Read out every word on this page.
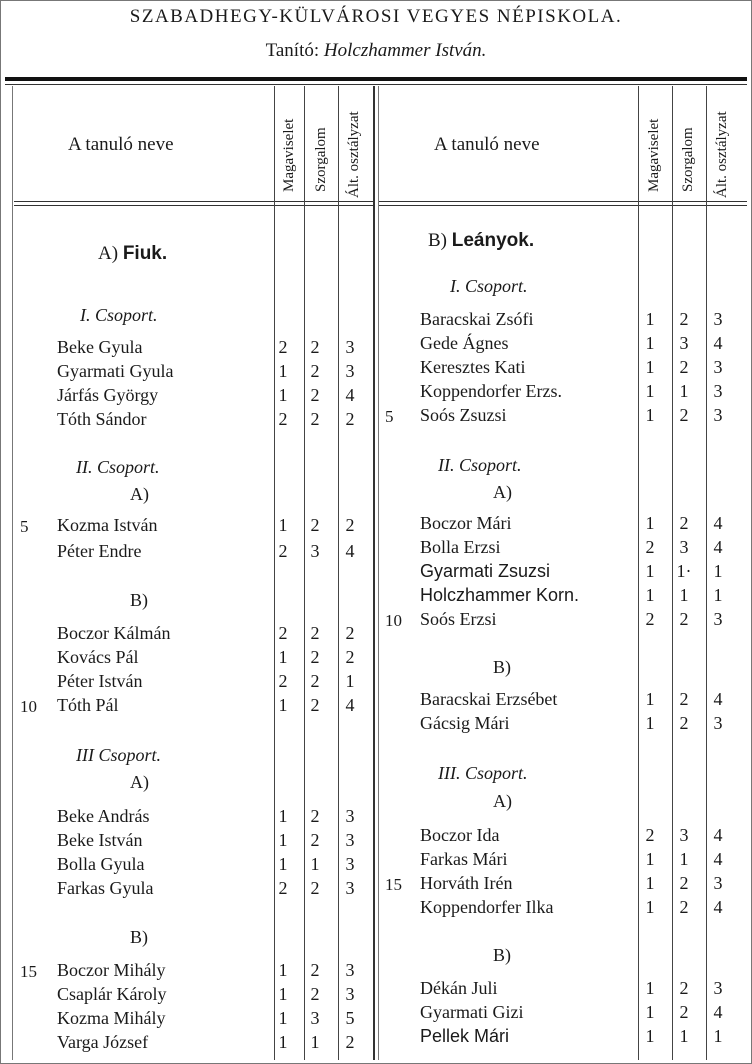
SZABADHEGY-KÜLVÁROSI VEGYES NÉPISKOLA.
Tanító: Holczhammer István.
A tanuló neve	Magaviselet Szorgalom Ált. osztályzat	A tanuló neve	Magaviselet Szorgalom Ált. osztályzat
A) Fiuk.
B) Leányok.
I. Csoport.
II. Csoport.
A)
B)
III Csoport.
A)
B)
I. Csoport.
II. Csoport.
A)
B)
III. Csoport.
A)
B)
Beke Gyula	2	2	3
Gyarmati Gyula	1	2	3
Járfás György	1	2	4
Tóth Sándor	2	2	2
5 Kozma István	1	2	2
Péter Endre	2	3	4
Boczor Kálmán	2	2	2
Kovács Pál	1	2	2
Péter István	2	2	1
10 Tóth Pál	1	2	4
Beke András	1	2	3
Beke István	1	2	3
Bolla Gyula	1	1	3
Farkas Gyula	2	2	3
15 Boczor Mihály	1	2	3
Csaplár Károly	1	2	3
Kozma Mihály	1	3	5
Varga József	1	1	2
Baracskai Zsófi	1	2	3
Gede Ágnes	1	3	4
Keresztes Kati	1	2	3
Koppendorfer Erzs.	1	1	3
5 Soós Zsuzsi	1	2	3
Boczor Mári	1	2	4
Bolla Erzsi	2	3	4
Gyarmati Zsuzsi	1	1·	1
Holczhammer Korn.	1	1	1
10 Soós Erzsi	2	2	3
Baracskai Erzsébet	1	2	4
Gácsig Mári	1	2	3
Boczor Ida	2	3	4
Farkas Mári	1	1	4
15 Horváth Irén	1	2	3
Koppendorfer Ilka	1	2	4
Dékán Juli	1	2	3
Gyarmati Gizi	1	2	4
Pellek Mári	1	1	1
